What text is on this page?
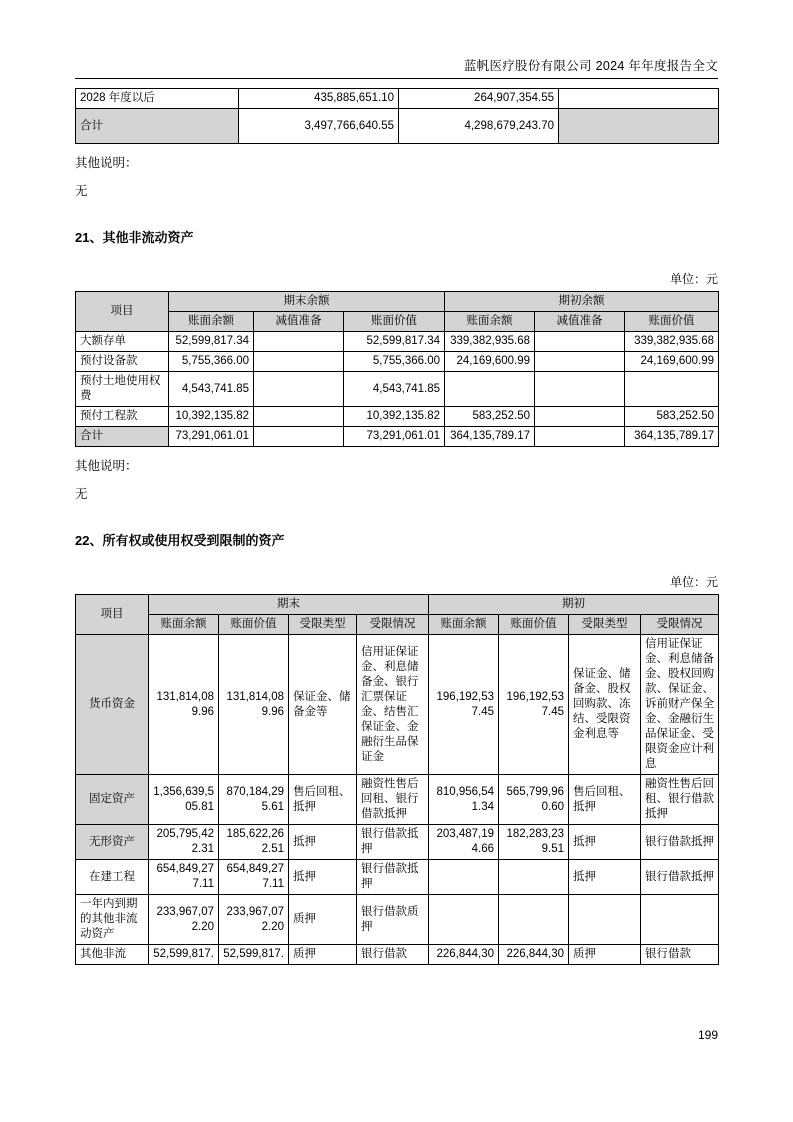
蓝帆医疗股份有限公司 2024 年年度报告全文
2028 年度以后	435,885,651.10	264,907,354.55	
合计	3,497,766,640.55	4,298,679,243.70	
其他说明：
无
21、其他非流动资产
单位：元
项目	期末余额			期初余额		
	账面余额	减值准备	账面价值	账面余额	减值准备	账面价值
大额存单	52,599,817.34		52,599,817.34	339,382,935.68		339,382,935.68
预付设备款	5,755,366.00		5,755,366.00	24,169,600.99		24,169,600.99
预付土地使用权费	4,543,741.85		4,543,741.85			
预付工程款	10,392,135.82		10,392,135.82	583,252.50		583,252.50
合计	73,291,061.01		73,291,061.01	364,135,789.17		364,135,789.17
其他说明：
无
22、所有权或使用权受到限制的资产
单位：元
项目	期末				期初			
	账面余额	账面价值	受限类型	受限情况	账面余额	账面价值	受限类型	受限情况
货币资金	131,814,089.96	131,814,089.96	保证金、储备金等	信用证保证金、利息储备金、银行汇票保证金、结售汇保证金、金融衍生品保证金	196,192,537.45	196,192,537.45	保证金、储备金、股权回购款、冻结、受限资金利息等	信用证保证金、利息储备金、股权回购款、保证金、诉前财产保全金、金融衍生品保证金、受限资金应计利息
固定资产	1,356,639,505.81	870,184,295.61	售后回租、抵押	融资性售后回租、银行借款抵押	810,956,541.34	565,799,960.60	售后回租、抵押	融资性售后回租、银行借款抵押
无形资产	205,795,422.31	185,622,262.51	抵押	银行借款抵押	203,487,194.66	182,283,239.51	抵押	银行借款抵押
在建工程	654,849,277.11	654,849,277.11	抵押	银行借款抵押			抵押	银行借款抵押
一年内到期的其他非流动资产	233,967,072.20	233,967,072.20	质押	银行借款质押				
其他非流	52,599,817.	52,599,817.	质押	银行借款	226,844,30	226,844,30	质押	银行借款
199
